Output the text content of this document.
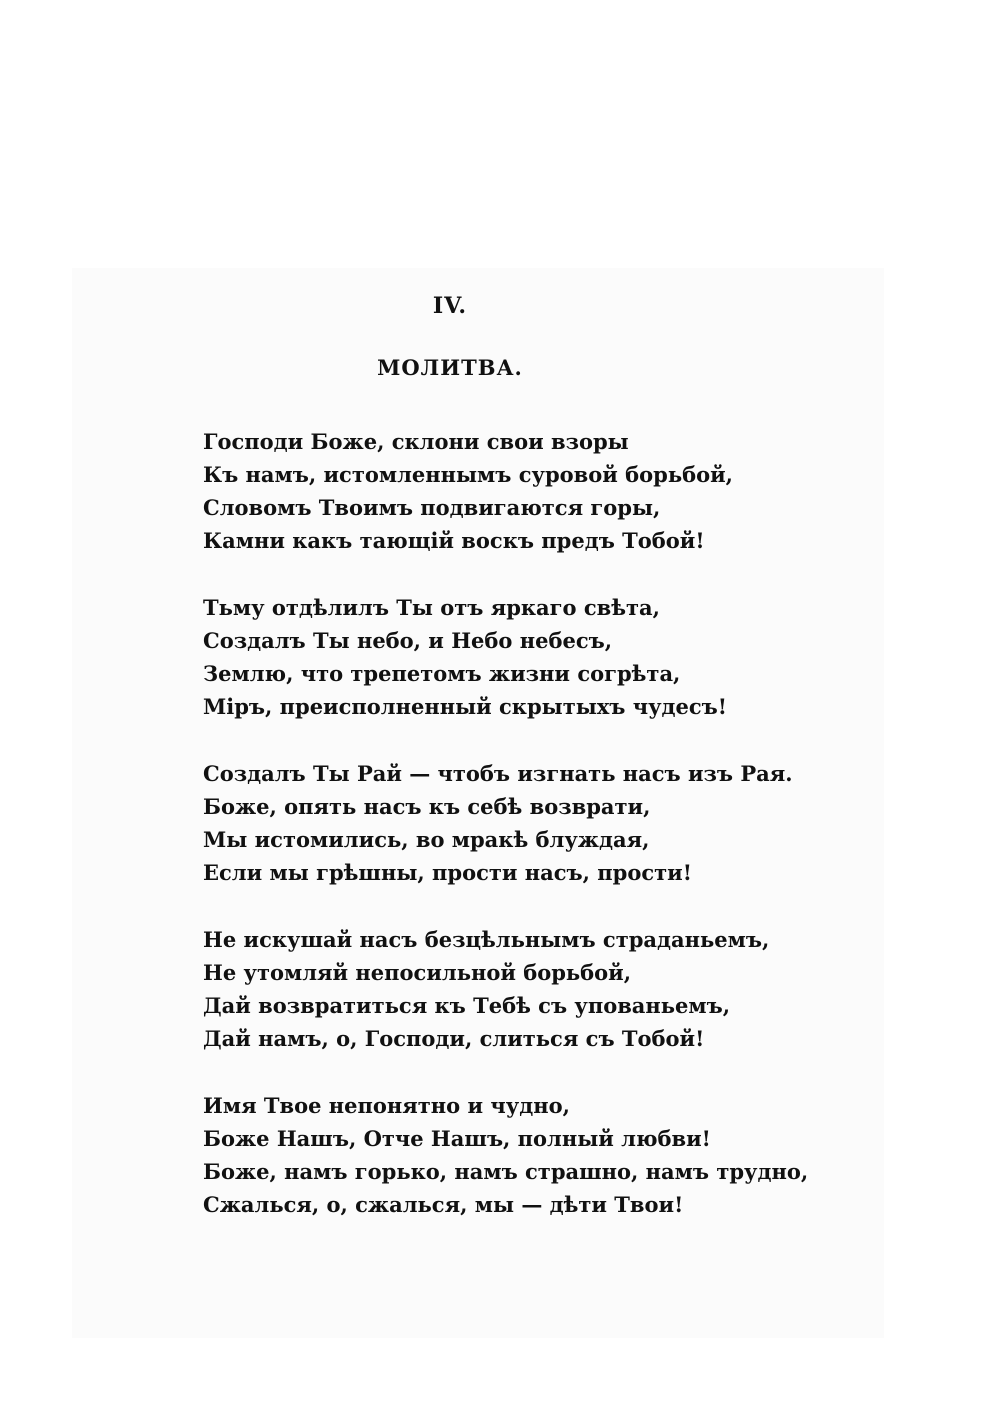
IV.
МОЛИТВА.
Господи Боже, склони свои взоры
Къ намъ, истомленнымъ суровой борьбой,
Словомъ Твоимъ подвигаются горы,
Камни какъ тающій воскъ предъ Тобой!
Тьму отдѣлилъ Ты отъ яркаго свѣта,
Создалъ Ты небо, и Небо небесъ,
Землю, что трепетомъ жизни согрѣта,
Міръ, преисполненный скрытыхъ чудесъ!
Создалъ Ты Рай — чтобъ изгнать насъ изъ Рая.
Боже, опять насъ къ себѣ возврати,
Мы истомились, во мракѣ блуждая,
Если мы грѣшны, прости насъ, прости!
Не искушай насъ безцѣльнымъ страданьемъ,
Не утомляй непосильной борьбой,
Дай возвратиться къ Тебѣ съ упованьемъ,
Дай намъ, о, Господи, слиться съ Тобой!
Имя Твое непонятно и чудно,
Боже Нашъ, Отче Нашъ, полный любви!
Боже, намъ горько, намъ страшно, намъ трудно,
Сжалься, о, сжалься, мы — дѣти Твои!
